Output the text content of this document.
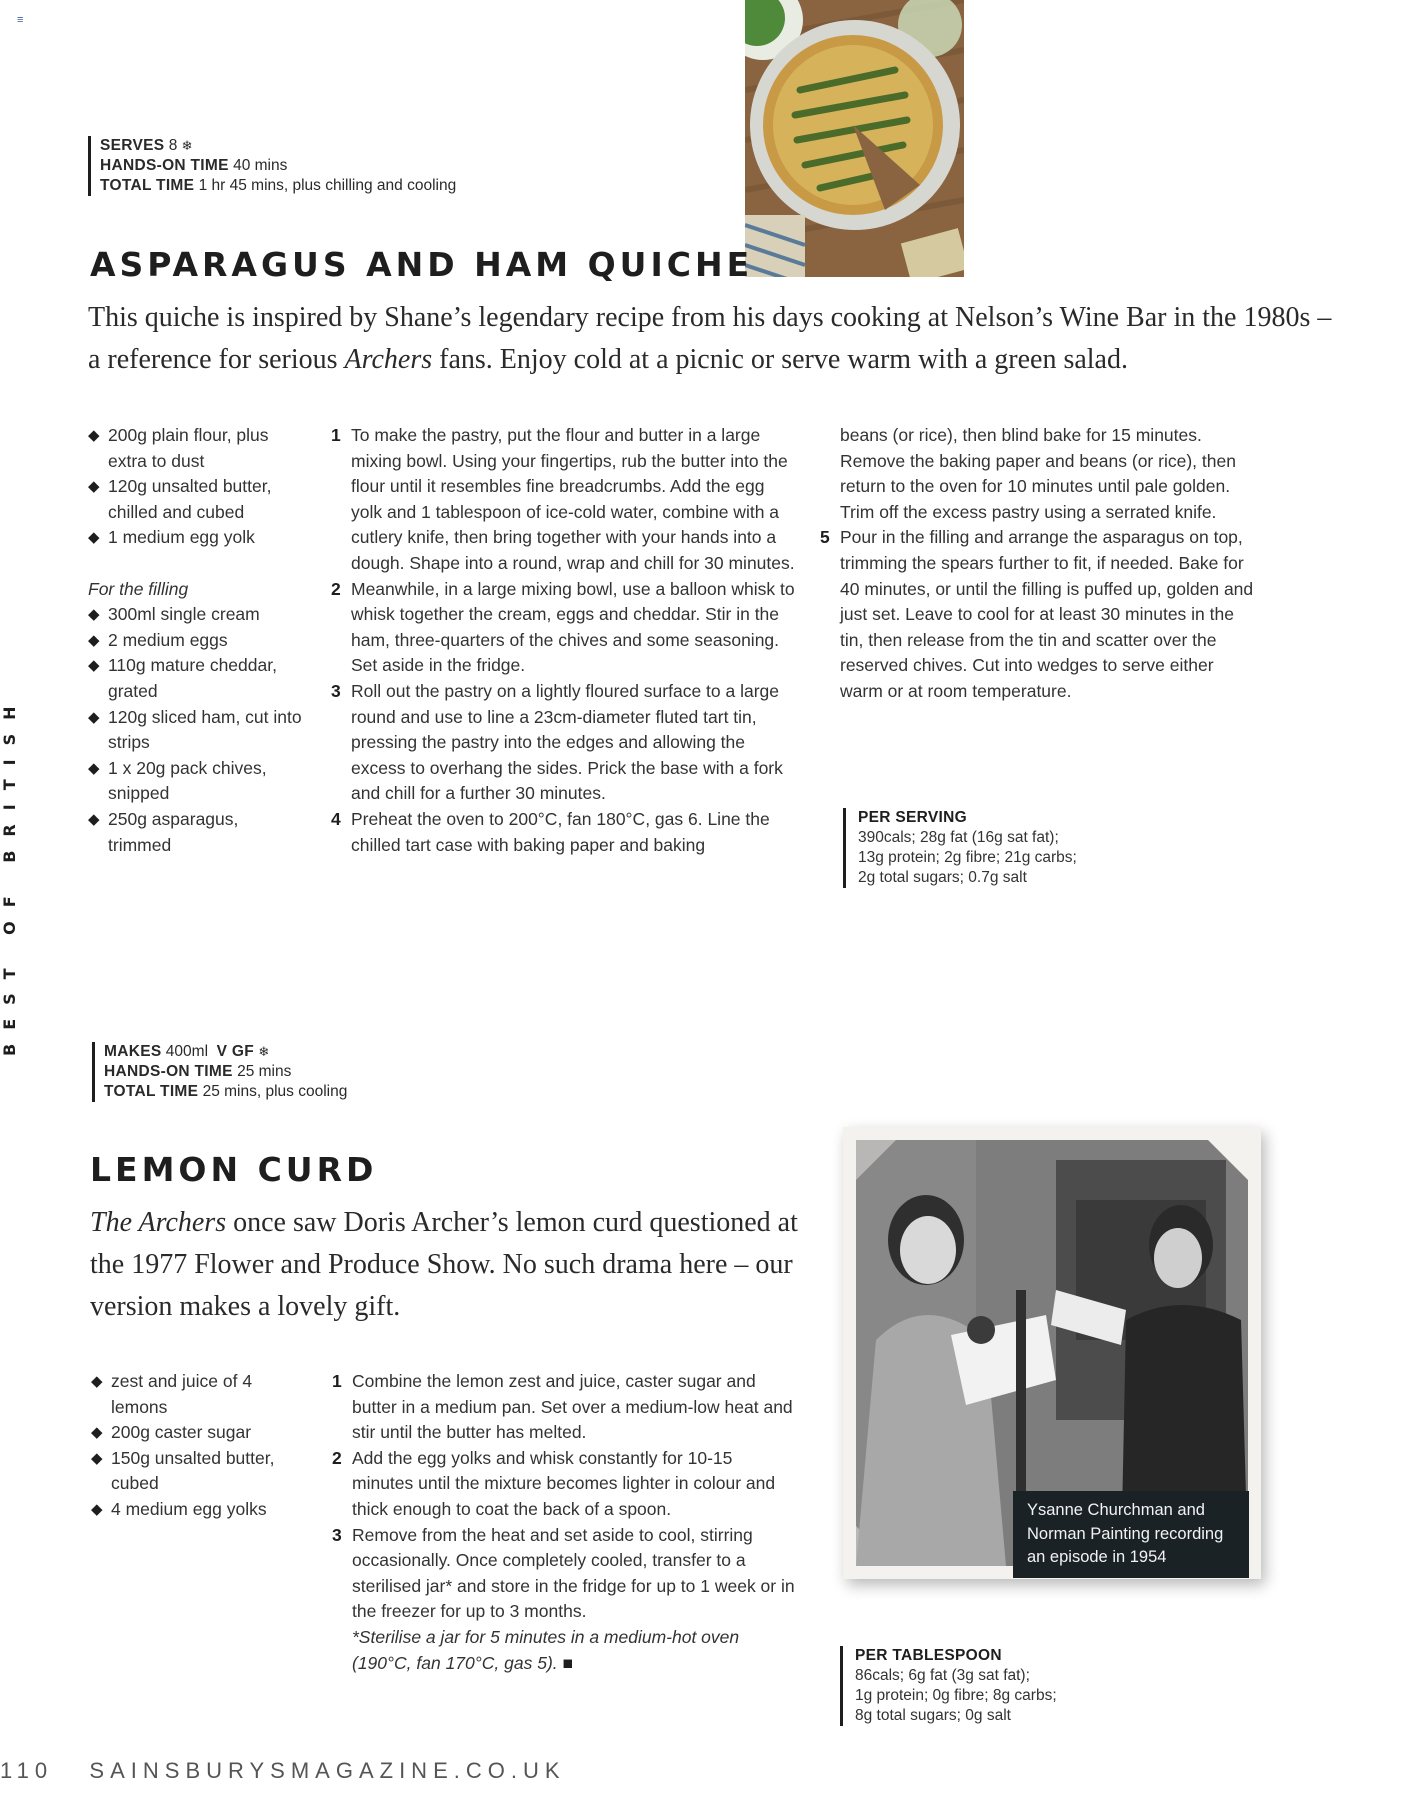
≡
BEST OF BRITISH
SERVES 8 ❄
HANDS-ON TIME 40 mins
TOTAL TIME 1 hr 45 mins, plus chilling and cooling
ASPARAGUS AND HAM QUICHE

This quiche is inspired by Shane’s legendary recipe from his days cooking at Nelson’s Wine Bar in the 1980s – a reference for serious Archers fans. Enjoy cold at a picnic or serve warm with a green salad.

◆ 200g plain flour, plus extra to dust
◆ 120g unsalted butter, chilled and cubed
◆ 1 medium egg yolk
For the filling
◆ 300ml single cream
◆ 2 medium eggs
◆ 110g mature cheddar, grated
◆ 120g sliced ham, cut into strips
◆ 1 x 20g pack chives, snipped
◆ 250g asparagus, trimmed
1 To make the pastry, put the flour and butter in a large mixing bowl. Using your fingertips, rub the butter into the flour until it resembles fine breadcrumbs. Add the egg yolk and 1 tablespoon of ice-cold water, combine with a cutlery knife, then bring together with your hands into a dough. Shape into a round, wrap and chill for 30 minutes.
2 Meanwhile, in a large mixing bowl, use a balloon whisk to whisk together the cream, eggs and cheddar. Stir in the ham, three-quarters of the chives and some seasoning. Set aside in the fridge.
3 Roll out the pastry on a lightly floured surface to a large round and use to line a 23cm-diameter fluted tart tin, pressing the pastry into the edges and allowing the excess to overhang the sides. Prick the base with a fork and chill for a further 30 minutes.
4 Preheat the oven to 200°C, fan 180°C, gas 6. Line the chilled tart case with baking paper and baking
beans (or rice), then blind bake for 15 minutes. Remove the baking paper and beans (or rice), then return to the oven for 10 minutes until pale golden. Trim off the excess pastry using a serrated knife.
5 Pour in the filling and arrange the asparagus on top, trimming the spears further to fit, if needed. Bake for 40 minutes, or until the filling is puffed up, golden and just set. Leave to cool for at least 30 minutes in the tin, then release from the tin and scatter over the reserved chives. Cut into wedges to serve either warm or at room temperature.
PER SERVING
390cals; 28g fat (16g sat fat);
13g protein; 2g fibre; 21g carbs;
2g total sugars; 0.7g salt
MAKES 400ml V GF ❄
HANDS-ON TIME 25 mins
TOTAL TIME 25 mins, plus cooling
LEMON CURD

The Archers once saw Doris Archer’s lemon curd questioned at the 1977 Flower and Produce Show. No such drama here – our version makes a lovely gift.

◆ zest and juice of 4 lemons
◆ 200g caster sugar
◆ 150g unsalted butter, cubed
◆ 4 medium egg yolks
1 Combine the lemon zest and juice, caster sugar and butter in a medium pan. Set over a medium-low heat and stir until the butter has melted.
2 Add the egg yolks and whisk constantly for 10-15 minutes until the mixture becomes lighter in colour and thick enough to coat the back of a spoon.
3 Remove from the heat and set aside to cool, stirring occasionally. Once completely cooled, transfer to a sterilised jar* and store in the fridge for up to 1 week or in the freezer for up to 3 months.
*Sterilise a jar for 5 minutes in a medium-hot oven (190°C, fan 170°C, gas 5). ■
Ysanne Churchman and Norman Painting recording an episode in 1954
PER TABLESPOON
86cals; 6g fat (3g sat fat);
1g protein; 0g fibre; 8g carbs;
8g total sugars; 0g salt
110 SAINSBURYSMAGAZINE.CO.UK
